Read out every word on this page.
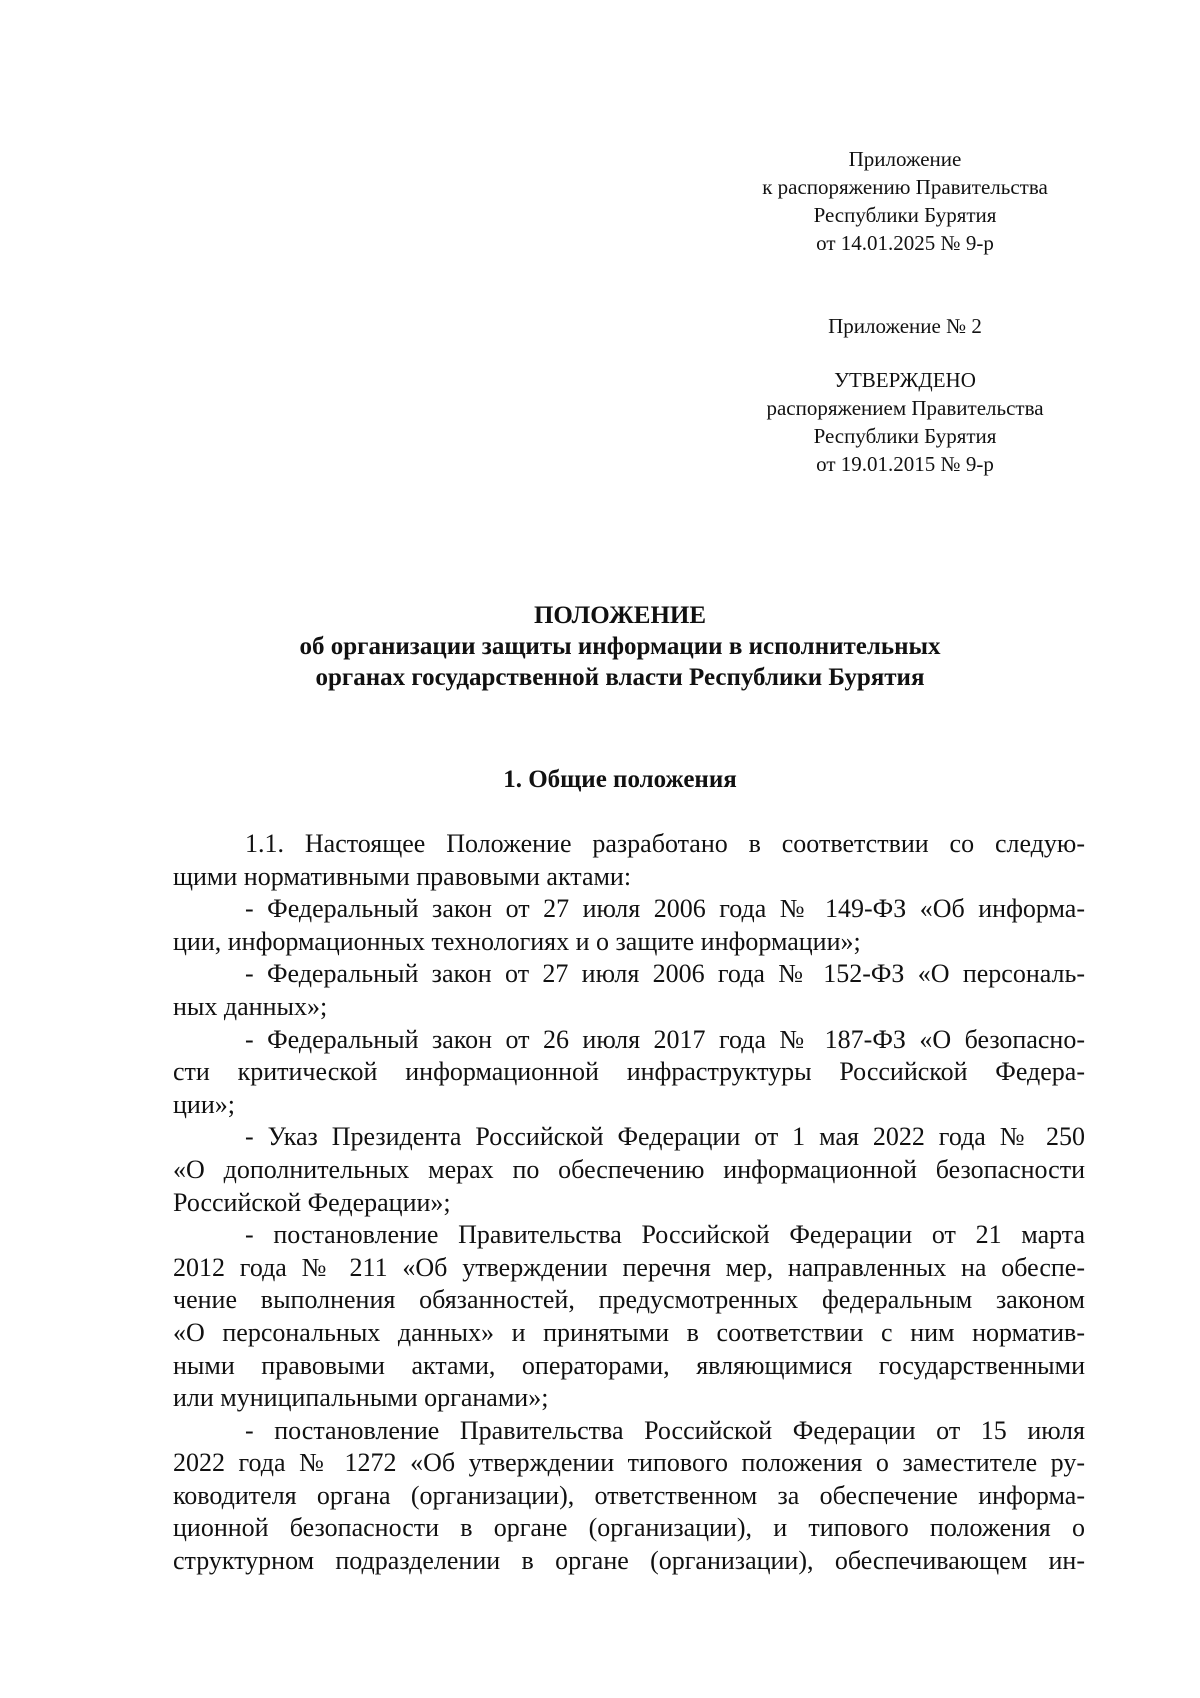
Приложение
к распоряжению Правительства
Республики Бурятия
от 14.01.2025 № 9-р
Приложение № 2
УТВЕРЖДЕНО
распоряжением Правительства
Республики Бурятия
от 19.01.2015 № 9-р
ПОЛОЖЕНИЕ
об организации защиты информации в исполнительных
органах государственной власти Республики Бурятия
1. Общие положения
1.1. Настоящее Положение разработано в соответствии со следую-
щими нормативными правовыми актами:
- Федеральный закон от 27 июля 2006 года № 149-ФЗ «Об информа-
ции, информационных технологиях и о защите информации»;
- Федеральный закон от 27 июля 2006 года № 152-ФЗ «О персональ-
ных данных»;
- Федеральный закон от 26 июля 2017 года № 187-ФЗ «О безопасно-
сти критической информационной инфраструктуры Российской Федера-
ции»;
- Указ Президента Российской Федерации от 1 мая 2022 года № 250
«О дополнительных мерах по обеспечению информационной безопасности
Российской Федерации»;
- постановление Правительства Российской Федерации от 21 марта
2012 года № 211 «Об утверждении перечня мер, направленных на обеспе-
чение выполнения обязанностей, предусмотренных федеральным законом
«О персональных данных» и принятыми в соответствии с ним норматив-
ными правовыми актами, операторами, являющимися государственными
или муниципальными органами»;
- постановление Правительства Российской Федерации от 15 июля
2022 года № 1272 «Об утверждении типового положения о заместителе ру-
ководителя органа (организации), ответственном за обеспечение информа-
ционной безопасности в органе (организации), и типового положения о
структурном подразделении в органе (организации), обеспечивающем ин-
